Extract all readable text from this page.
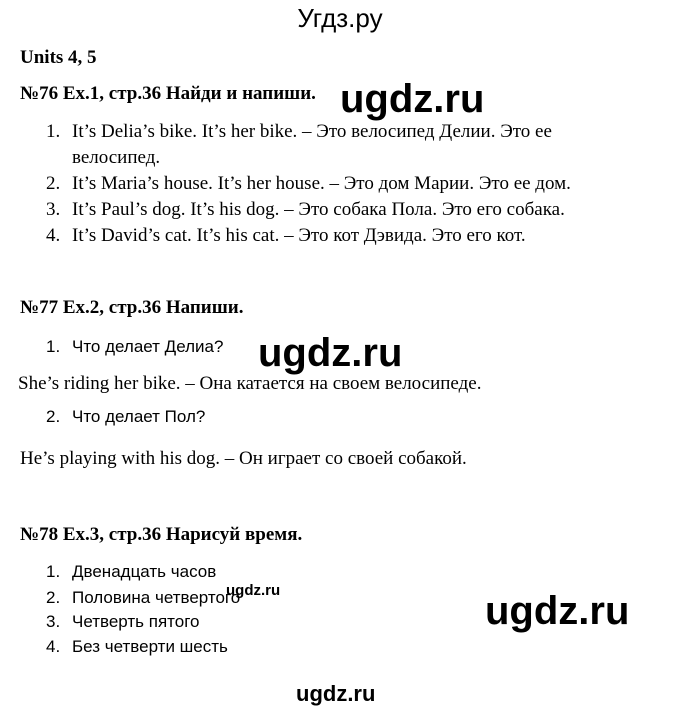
Угдз.ру
Units 4, 5
№76 Ex.1, стр.36 Найди и напиши. ugdz.ru
1. It’s Delia’s bike. It’s her bike. – Это велосипед Делии. Это ее
велосипед.
2. It’s Maria’s house. It’s her house. – Это дом Марии. Это ее дом.
3. It’s Paul’s dog. It’s his dog. – Это собака Пола. Это его собака.
4. It’s David’s cat. It’s his cat. – Это кот Дэвида. Это его кот.
№77 Ex.2, стр.36 Напиши.
1. Что делает Делиа? ugdz.ru
She’s riding her bike. – Она катается на своем велосипеде.
2. Что делает Пол?
He’s playing with his dog. – Он играет со своей собакой.
№78 Ex.3, стр.36 Нарисуй время.
1. Двенадцать часов
2. Половина четвертого
3. Четверть пятого
4. Без четверти шесть
ugdz.ru	ugdz.ru
ugdz.ru
